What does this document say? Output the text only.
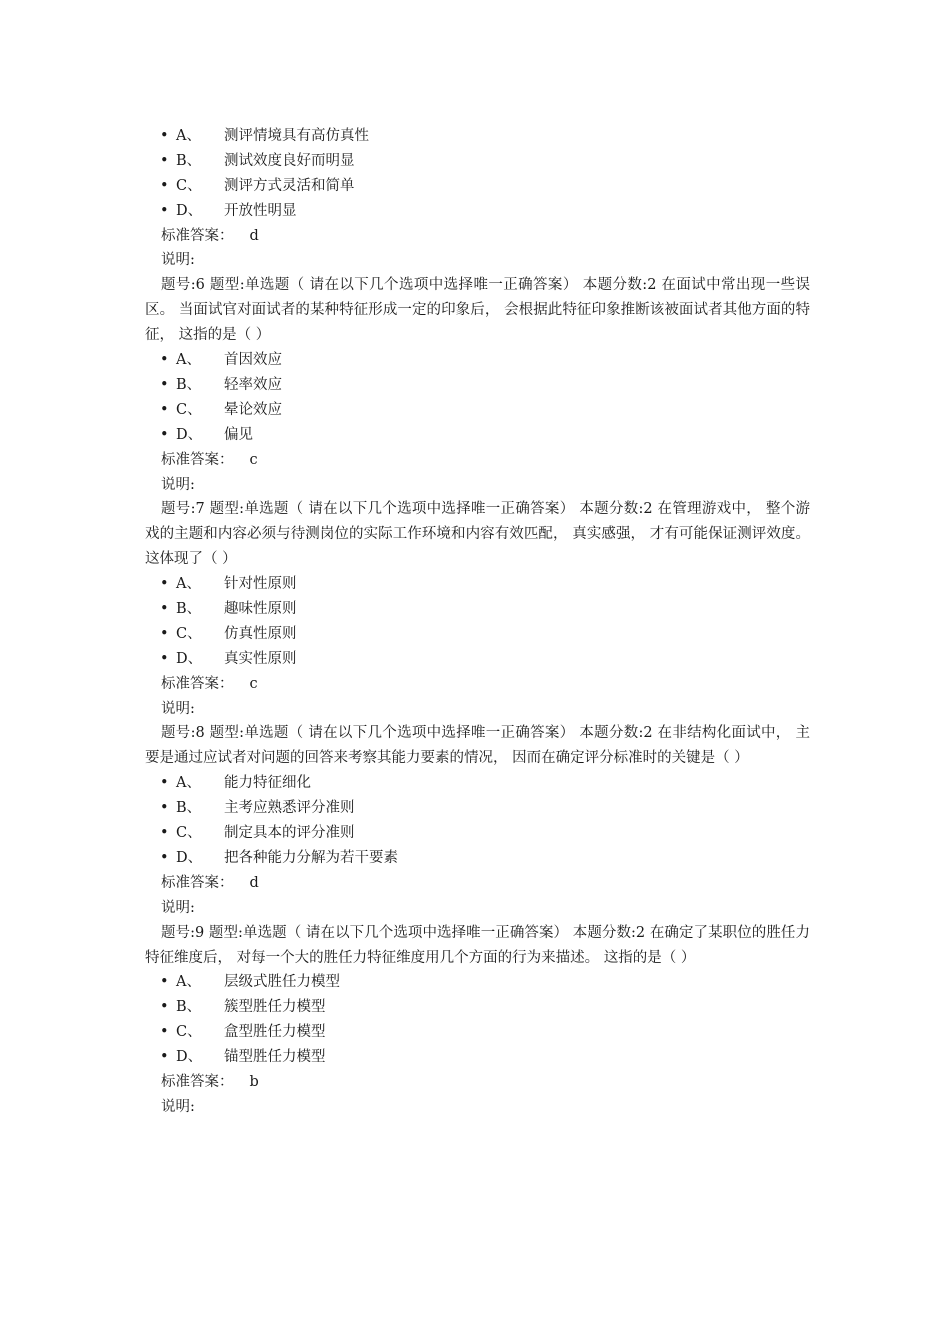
• A、 测评情境具有高仿真性
• B、 测试效度良好而明显
• C、 测评方式灵活和简单
• D、 开放性明显
标准答案： d
说明:

题号:6 题型:单选题（ 请在以下几个选项中选择唯一正确答案） 本题分数:2 在面试中常出现一些误区。 当面试官对面试者的某种特征形成一定的印象后， 会根据此特征印象推断该被面试者其他方面的特征， 这指的是（ ）

• A、 首因效应
• B、 轻率效应
• C、 晕论效应
• D、 偏见
标准答案： c
说明:

题号:7 题型:单选题（ 请在以下几个选项中选择唯一正确答案） 本题分数:2 在管理游戏中， 整个游戏的主题和内容必须与待测岗位的实际工作环境和内容有效匹配， 真实感强， 才有可能保证测评效度。 这体现了（ ）

• A、 针对性原则
• B、 趣味性原则
• C、 仿真性原则
• D、 真实性原则
标准答案： c
说明:

题号:8 题型:单选题（ 请在以下几个选项中选择唯一正确答案） 本题分数:2 在非结构化面试中， 主要是通过应试者对问题的回答来考察其能力要素的情况， 因而在确定评分标准时的关键是（ ）

• A、 能力特征细化
• B、 主考应熟悉评分准则
• C、 制定具本的评分准则
• D、 把各种能力分解为若干要素
标准答案： d
说明:

题号:9 题型:单选题（ 请在以下几个选项中选择唯一正确答案） 本题分数:2 在确定了某职位的胜任力特征维度后， 对每一个大的胜任力特征维度用几个方面的行为来描述。 这指的是（ ）

• A、 层级式胜任力模型
• B、 簇型胜任力模型
• C、 盒型胜任力模型
• D、 锚型胜任力模型
标准答案： b
说明:
